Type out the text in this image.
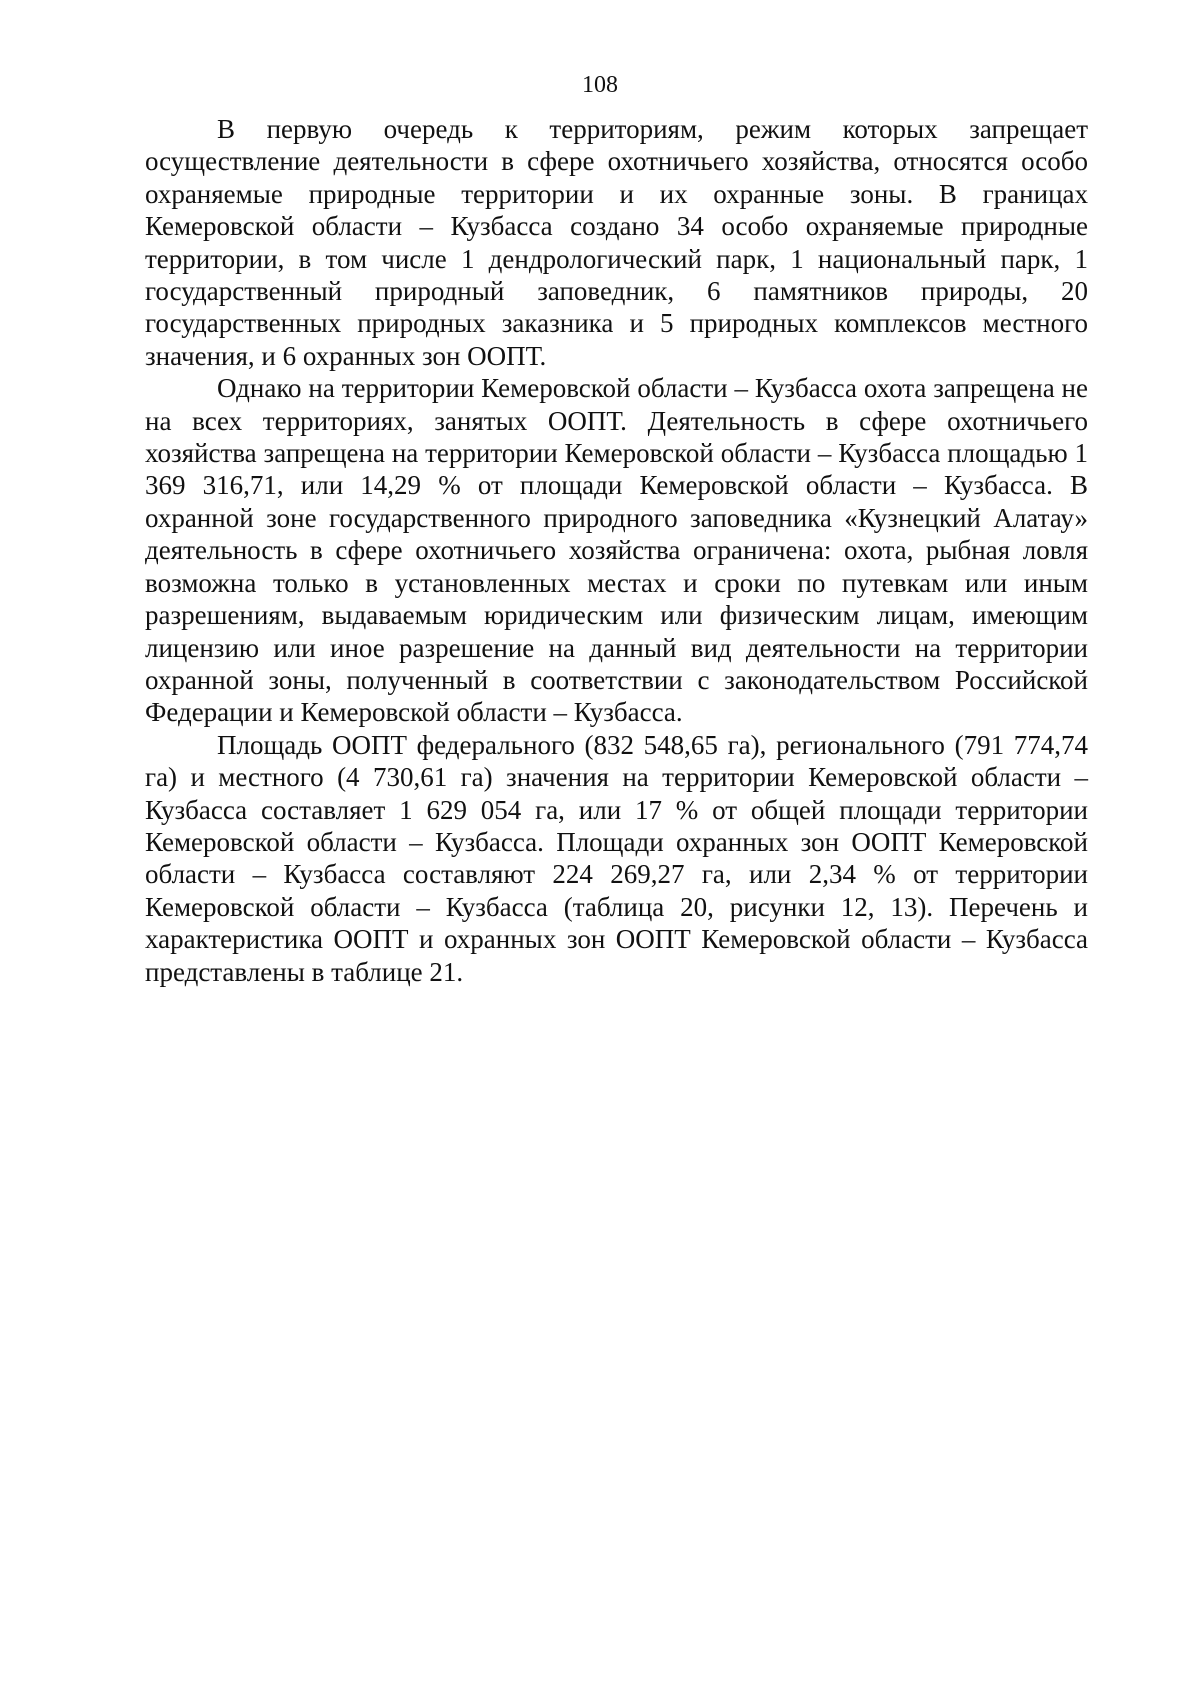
108

В первую очередь к территориям, режим которых запрещает осуществление деятельности в сфере охотничьего хозяйства, относятся особо охраняемые природные территории и их охранные зоны. В границах Кемеровской области – Кузбасса создано 34 особо охраняемые природные территории, в том числе 1 дендрологический парк, 1 национальный парк, 1 государственный природный заповедник, 6 памятников природы, 20 государственных природных заказника и 5 природных комплексов местного значения, и 6 охранных зон ООПТ.

Однако на территории Кемеровской области – Кузбасса охота запрещена не на всех территориях, занятых ООПТ. Деятельность в сфере охотничьего хозяйства запрещена на территории Кемеровской области – Кузбасса площадью 1 369 316,71, или 14,29 % от площади Кемеровской области – Кузбасса. В охранной зоне государственного природного заповедника «Кузнецкий Алатау» деятельность в сфере охотничьего хозяйства ограничена: охота, рыбная ловля возможна только в установленных местах и сроки по путевкам или иным разрешениям, выдаваемым юридическим или физическим лицам, имеющим лицензию или иное разрешение на данный вид деятельности на территории охранной зоны, полученный в соответствии с законодательством Российской Федерации и Кемеровской области – Кузбасса.

Площадь ООПТ федерального (832 548,65 га), регионального (791 774,74 га) и местного (4 730,61 га) значения на территории Кемеровской области – Кузбасса составляет 1 629 054 га, или 17 % от общей площади территории Кемеровской области – Кузбасса. Площади охранных зон ООПТ Кемеровской области – Кузбасса составляют 224 269,27 га, или 2,34 % от территории Кемеровской области – Кузбасса (таблица 20, рисунки 12, 13). Перечень и характеристика ООПТ и охранных зон ООПТ Кемеровской области – Кузбасса представлены в таблице 21.
